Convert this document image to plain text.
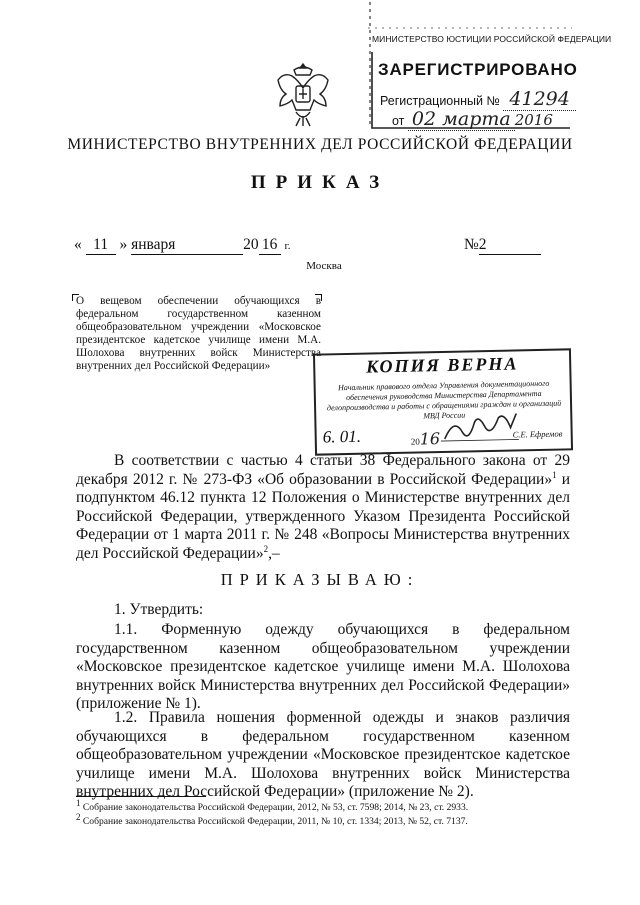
МИНИСТЕРСТВО ЮСТИЦИИ РОССИЙСКОЙ ФЕДЕРАЦИИ
ЗАРЕГИСТРИРОВАНО
Регистрационный № 41294
от 02 марта 2016
МИНИСТЕРСТВО ВНУТРЕННИХ ДЕЛ РОССИЙСКОЙ ФЕДЕРАЦИИ
ПРИКАЗ
« 11 » января	20 16 г.	№2
Москва
О вещевом обеспечении обучающихся в федеральном государственном казенном общеобразовательном учреждении «Московское президентское кадетское училище имени М.А. Шолохова внутренних войск Министерства внутренних дел Российской Федерации»	КОПИЯ ВЕРНА
Начальник правового отдела Управления документационного обеспечения руководства Министерства Департамента делопроизводства и работы с обращениями граждан и организаций МВД России
6. 01.	2016	С.Е. Ефремов
В соответствии с частью 4 статьи 38 Федерального закона от 29 декабря 2012 г. № 273-ФЗ «Об образовании в Российской Федерации»$^1$ и подпунктом 46.12 пункта 12 Положения о Министерстве внутренних дел Российской Федерации, утвержденного Указом Президента Российской Федерации от 1 марта 2011 г. № 248 «Вопросы Министерства внутренних дел Российской Федерации»$^2$,–
ПРИКАЗЫВАЮ:
1. Утвердить:
1.1. Форменную одежду обучающихся в федеральном государственном казенном общеобразовательном учреждении «Московское президентское кадетское училище имени М.А. Шолохова внутренних войск Министерства внутренних дел Российской Федерации» (приложение № 1).
1.2. Правила ношения форменной одежды и знаков различия обучающихся в федеральном государственном казенном общеобразовательном учреждении «Московское президентское кадетское училище имени М.А. Шолохова внутренних войск Министерства внутренних дел Российской Федерации» (приложение № 2).
$^1$ Собрание законодательства Российской Федерации, 2012, № 53, ст. 7598; 2014, № 23, ст. 2933.
$^2$ Собрание законодательства Российской Федерации, 2011, № 10, ст. 1334; 2013, № 52, ст. 7137.
